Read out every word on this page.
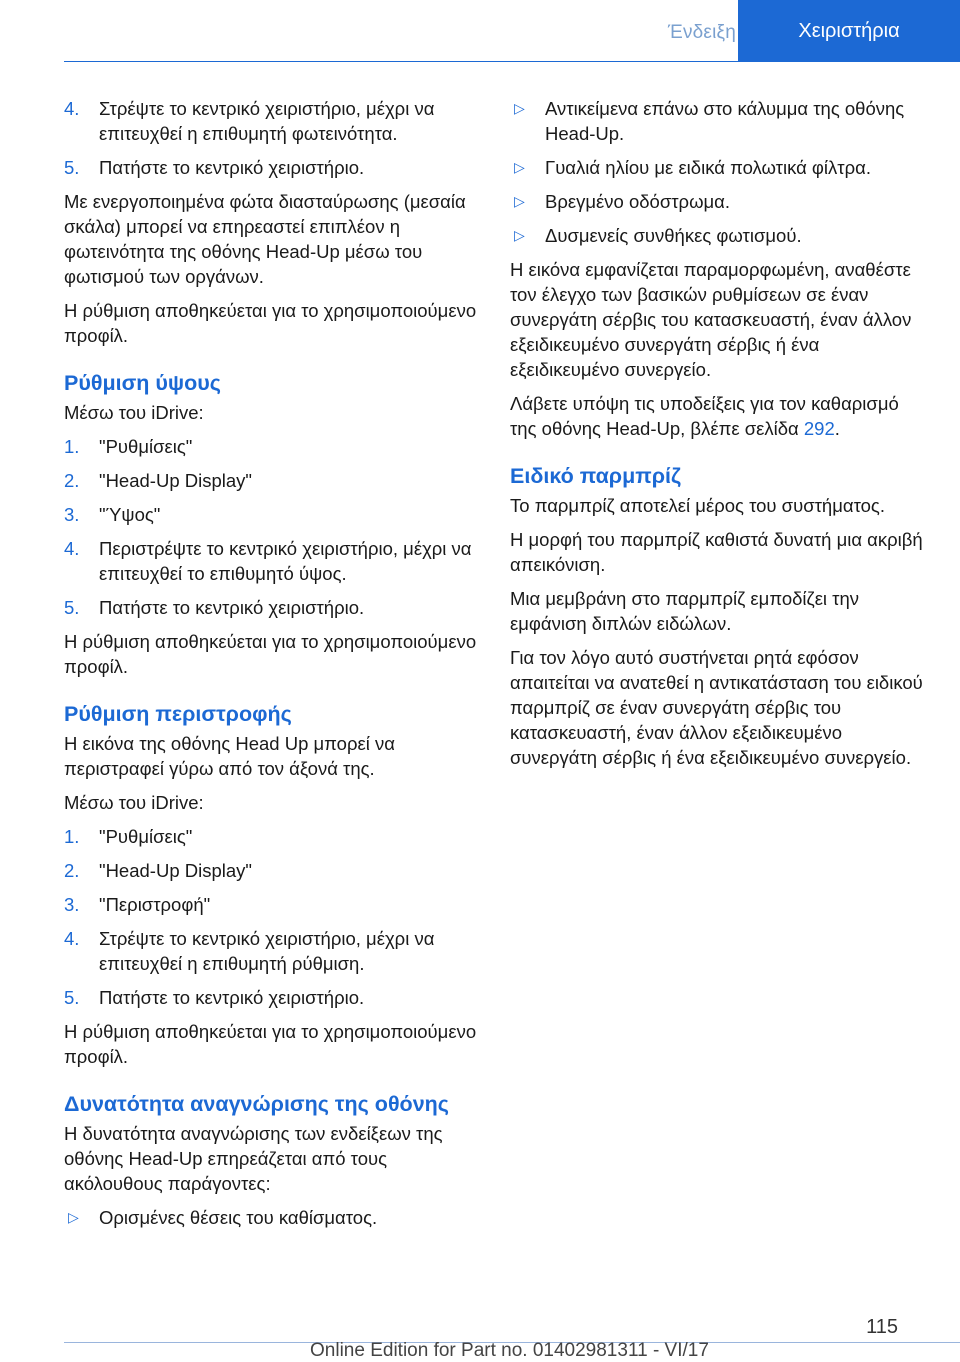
Ένδειξη	Χειριστήρια
4. Στρέψτε το κεντρικό χειριστήριο, μέχρι να επιτευχθεί η επιθυμητή φωτεινότητα.
5. Πατήστε το κεντρικό χειριστήριο.

Με ενεργοποιημένα φώτα διασταύρωσης (μεσαία σκάλα) μπορεί να επηρεαστεί επιπλέον η φωτεινότητα της οθόνης Head-Up μέσω του φωτισμού των οργάνων.

Η ρύθμιση αποθηκεύεται για το χρησιμοποιούμενο προφίλ.

Ρύθμιση ύψους

Μέσω του iDrive:

1. "Ρυθμίσεις"
2. "Head-Up Display"
3. "Ύψος"
4. Περιστρέψτε το κεντρικό χειριστήριο, μέχρι να επιτευχθεί το επιθυμητό ύψος.
5. Πατήστε το κεντρικό χειριστήριο.

Η ρύθμιση αποθηκεύεται για το χρησιμοποιούμενο προφίλ.

Ρύθμιση περιστροφής

Η εικόνα της οθόνης Head Up μπορεί να περιστραφεί γύρω από τον άξονά της.

Μέσω του iDrive:

1. "Ρυθμίσεις"
2. "Head-Up Display"
3. "Περιστροφή"
4. Στρέψτε το κεντρικό χειριστήριο, μέχρι να επιτευχθεί η επιθυμητή ρύθμιση.
5. Πατήστε το κεντρικό χειριστήριο.

Η ρύθμιση αποθηκεύεται για το χρησιμοποιούμενο προφίλ.

Δυνατότητα αναγνώρισης της οθόνης

Η δυνατότητα αναγνώρισης των ενδείξεων της οθόνης Head-Up επηρεάζεται από τους ακόλουθους παράγοντες:

▷ Ορισμένες θέσεις του καθίσματος.
▷ Αντικείμενα επάνω στο κάλυμμα της οθόνης Head-Up.
▷ Γυαλιά ηλίου με ειδικά πολωτικά φίλτρα.
▷ Βρεγμένο οδόστρωμα.
▷ Δυσμενείς συνθήκες φωτισμού.

Η εικόνα εμφανίζεται παραμορφωμένη, αναθέστε τον έλεγχο των βασικών ρυθμίσεων σε έναν συνεργάτη σέρβις του κατασκευαστή, έναν άλλον εξειδικευμένο συνεργάτη σέρβις ή ένα εξειδικευμένο συνεργείο.

Λάβετε υπόψη τις υποδείξεις για τον καθαρισμό της οθόνης Head-Up, βλέπε σελίδα 292.

Ειδικό παρμπρίζ

Το παρμπρίζ αποτελεί μέρος του συστήματος.

Η μορφή του παρμπρίζ καθιστά δυνατή μια ακριβή απεικόνιση.

Μια μεμβράνη στο παρμπρίζ εμποδίζει την εμφάνιση διπλών ειδώλων.

Για τον λόγο αυτό συστήνεται ρητά εφόσον απαιτείται να ανατεθεί η αντικατάσταση του ειδικού παρμπρίζ σε έναν συνεργάτη σέρβις του κατασκευαστή, έναν άλλον εξειδικευμένο συνεργάτη σέρβις ή ένα εξειδικευμένο συνεργείο.

115
Online Edition for Part no. 01402981311 - VI/17
